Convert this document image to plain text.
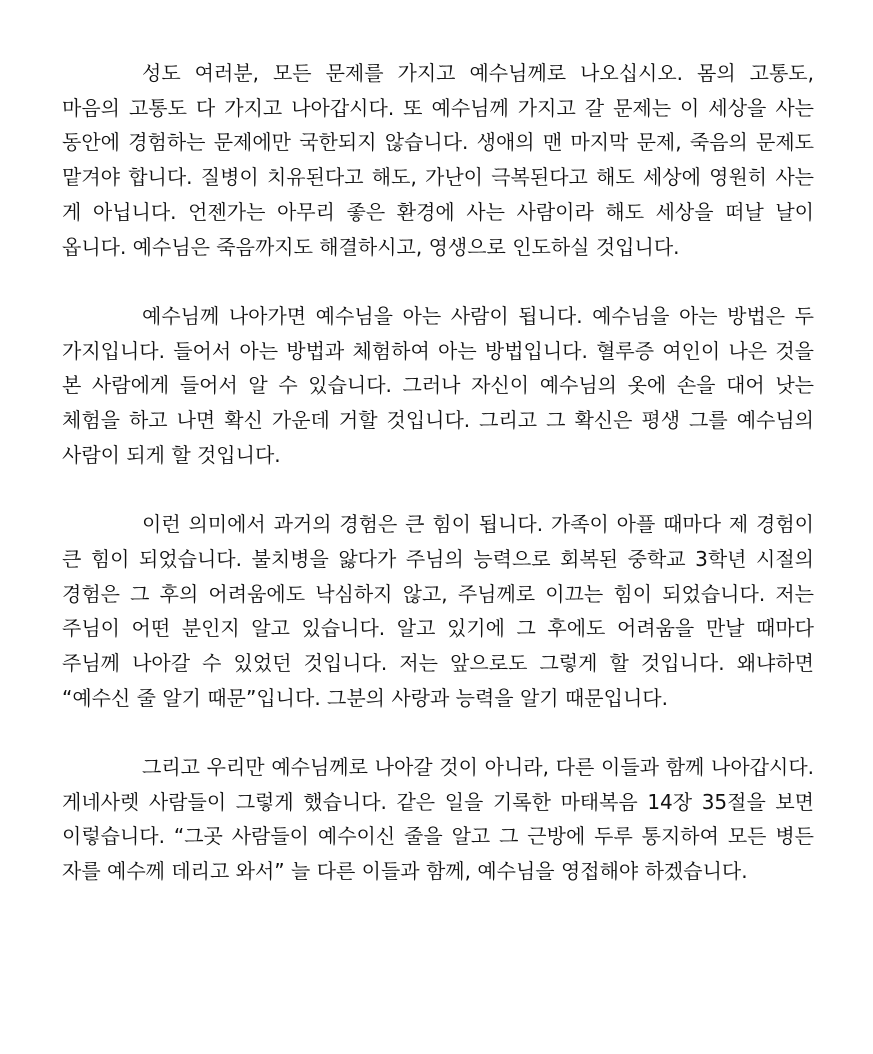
성도 여러분, 모든 문제를 가지고 예수님께로 나오십시오. 몸의 고통도, 마음의 고통도 다 가지고 나아갑시다. 또 예수님께 가지고 갈 문제는 이 세상을 사는 동안에 경험하는 문제에만 국한되지 않습니다. 생애의 맨 마지막 문제, 죽음의 문제도 맡겨야 합니다. 질병이 치유된다고 해도, 가난이 극복된다고 해도 세상에 영원히 사는 게 아닙니다. 언젠가는 아무리 좋은 환경에 사는 사람이라 해도 세상을 떠날 날이 옵니다. 예수님은 죽음까지도 해결하시고, 영생으로 인도하실 것입니다.

예수님께 나아가면 예수님을 아는 사람이 됩니다. 예수님을 아는 방법은 두 가지입니다. 들어서 아는 방법과 체험하여 아는 방법입니다. 혈루증 여인이 나은 것을 본 사람에게 들어서 알 수 있습니다. 그러나 자신이 예수님의 옷에 손을 대어 낫는 체험을 하고 나면 확신 가운데 거할 것입니다. 그리고 그 확신은 평생 그를 예수님의 사람이 되게 할 것입니다.

이런 의미에서 과거의 경험은 큰 힘이 됩니다. 가족이 아플 때마다 제 경험이 큰 힘이 되었습니다. 불치병을 앓다가 주님의 능력으로 회복된 중학교 3학년 시절의 경험은 그 후의 어려움에도 낙심하지 않고, 주님께로 이끄는 힘이 되었습니다. 저는 주님이 어떤 분인지 알고 있습니다. 알고 있기에 그 후에도 어려움을 만날 때마다 주님께 나아갈 수 있었던 것입니다. 저는 앞으로도 그렇게 할 것입니다. 왜냐하면 “예수신 줄 알기 때문”입니다. 그분의 사랑과 능력을 알기 때문입니다.

그리고 우리만 예수님께로 나아갈 것이 아니라, 다른 이들과 함께 나아갑시다. 게네사렛 사람들이 그렇게 했습니다. 같은 일을 기록한 마태복음 14장 35절을 보면 이렇습니다. “그곳 사람들이 예수이신 줄을 알고 그 근방에 두루 통지하여 모든 병든 자를 예수께 데리고 와서” 늘 다른 이들과 함께, 예수님을 영접해야 하겠습니다.
